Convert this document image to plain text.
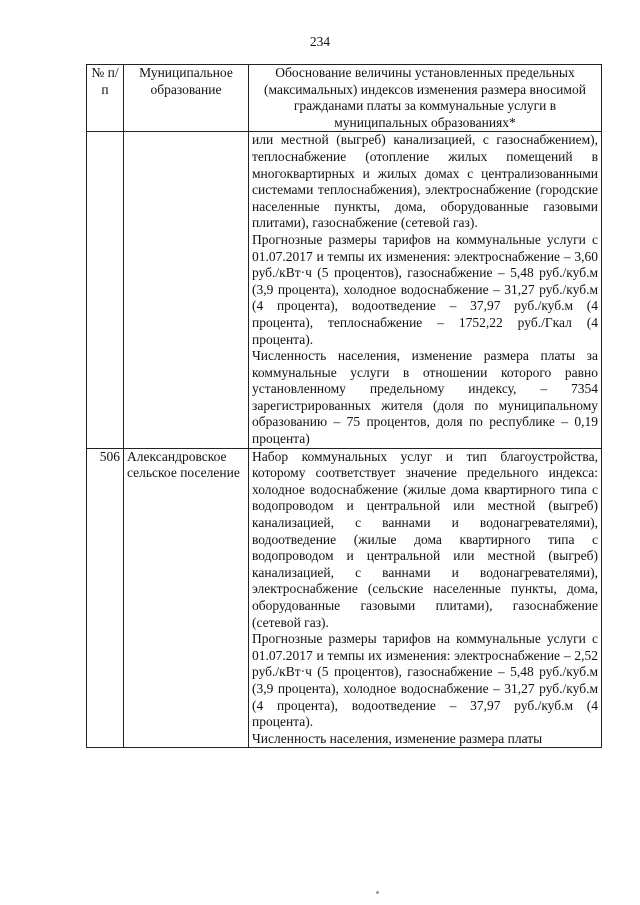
234
№ п/п	Муниципальное образование	Обоснование величины установленных предельных (максимальных) индексов изменения размера вносимой гражданами платы за коммунальные услуги в муниципальных образованиях*

		или местной (выгреб) канализацией, с газоснабжением), теплоснабжение (отопление жилых помещений в многоквартирных и жилых домах с централизованными системами теплоснабжения), электроснабжение (городские населенные пункты, дома, оборудованные газовыми плитами), газоснабжение (сетевой газ).
Прогнозные размеры тарифов на коммунальные услуги с 01.07.2017 и темпы их изменения: электроснабжение – 3,60 руб./кВт·ч (5 процентов), газоснабжение – 5,48 руб./куб.м (3,9 процента), холодное водоснабжение – 31,27 руб./куб.м (4 процента), водоотведение – 37,97 руб./куб.м (4 процента), теплоснабжение – 1752,22 руб./Гкал (4 процента).
Численность населения, изменение размера платы за коммунальные услуги в отношении которого равно установленному предельному индексу, – 7354 зарегистрированных жителя (доля по муниципальному образованию – 75 процентов, доля по республике – 0,19 процента)

506	Александровское сельское поселение	Набор коммунальных услуг и тип благоустройства, которому соответствует значение предельного индекса: холодное водоснабжение (жилые дома квартирного типа с водопроводом и центральной или местной (выгреб) канализацией, с ваннами и водонагревателями), водоотведение (жилые дома квартирного типа с водопроводом и центральной или местной (выгреб) канализацией, с ваннами и водонагревателями), электроснабжение (сельские населенные пункты, дома, оборудованные газовыми плитами), газоснабжение (сетевой газ).
Прогнозные размеры тарифов на коммунальные услуги с 01.07.2017 и темпы их изменения: электроснабжение – 2,52 руб./кВт·ч (5 процентов), газоснабжение – 5,48 руб./куб.м (3,9 процента), холодное водоснабжение – 31,27 руб./куб.м (4 процента), водоотведение – 37,97 руб./куб.м (4 процента).
Численность населения, изменение размера платы
